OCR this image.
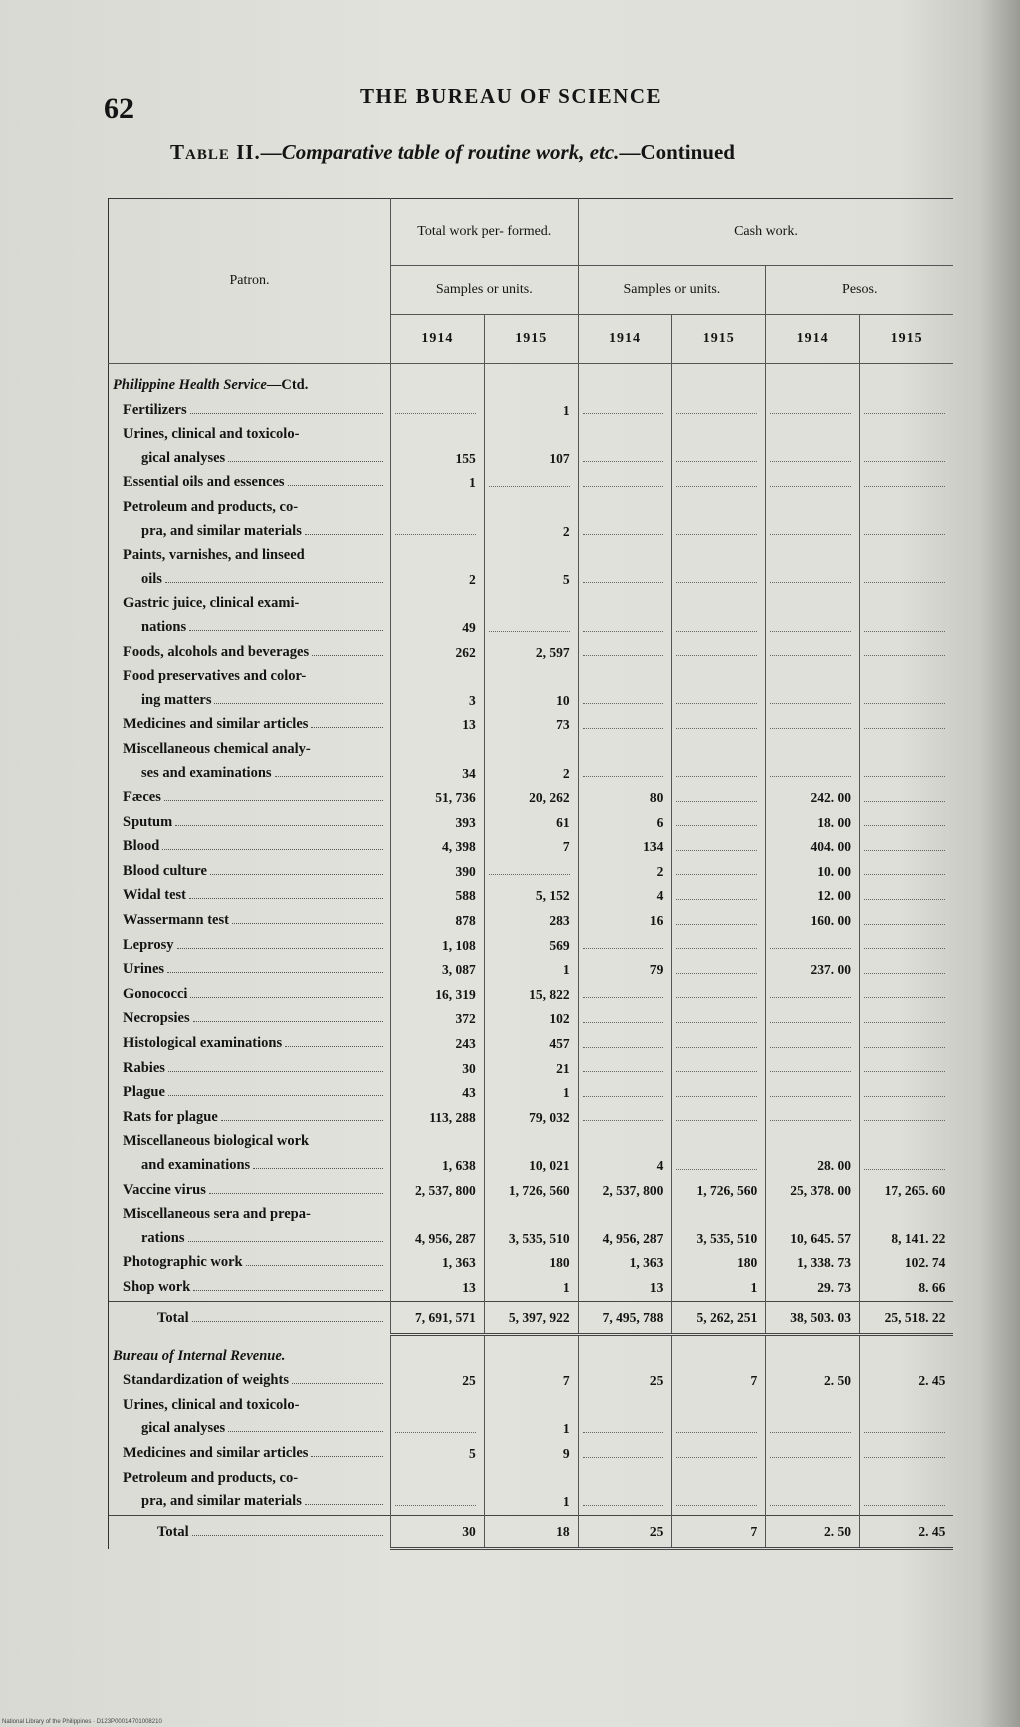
62	THE BUREAU OF SCIENCE
Table II.—Comparative table of routine work, etc.—Continued
Patron.	Total work per- formed.		Cash work.			
	Samples or units.		Samples or units.		Pesos.	
	1914	1915	1914	1915	1914	1915
Philippine Health Service—Ctd.						

Fertilizers		1	

Urines, clinical and toxicolo-
gical analyses	155	107	

Essential oils and essences	1	

Petroleum and products, co-
pra, and similar materials		2	

Paints, varnishes, and linseed
oils	2	5	

Gastric juice, clinical exami-
nations	49	

Foods, alcohols and beverages	262	2, 597	

Food preservatives and color-
ing matters	3	10	

Medicines and similar articles	13	73	

Miscellaneous chemical analy-
ses and examinations	34	2	

Fæces	51, 736	20, 262	80		242. 00	

Sputum	393	61	6		18. 00	

Blood	4, 398	7	134		404. 00	

Blood culture	390		2		10. 00	

Widal test	588	5, 152	4		12. 00	

Wassermann test	878	283	16		160. 00	

Leprosy	1, 108	569	

Urines	3, 087	1	79		237. 00	

Gonococci	16, 319	15, 822	

Necropsies	372	102	

Histological examinations	243	457	

Rabies	30	21	

Plague	43	1	

Rats for plague	113, 288	79, 032	

Miscellaneous biological work
and examinations	1, 638	10, 021	4		28. 00	

Vaccine virus	2, 537, 800	1, 726, 560	2, 537, 800	1, 726, 560	25, 378. 00	17, 265. 60

Miscellaneous sera and prepa-
rations	4, 956, 287	3, 535, 510	4, 956, 287	3, 535, 510	10, 645. 57	8, 141. 22

Photographic work	1, 363	180	1, 363	180	1, 338. 73	102. 74

Shop work	13	1	13	1	29. 73	8. 66

Total	7, 691, 571	5, 397, 922	7, 495, 788	5, 262, 251	38, 503. 03	25, 518. 22
Bureau of Internal Revenue.						

Standardization of weights	25	7	25	7	2. 50	2. 45

Urines, clinical and toxicolo-
gical analyses		1	

Medicines and similar articles	5	9	

Petroleum and products, co-
pra, and similar materials		1	

Total	30	18	25	7	2. 50	2. 45
National Library of the Philippines · D123P00014701008210
